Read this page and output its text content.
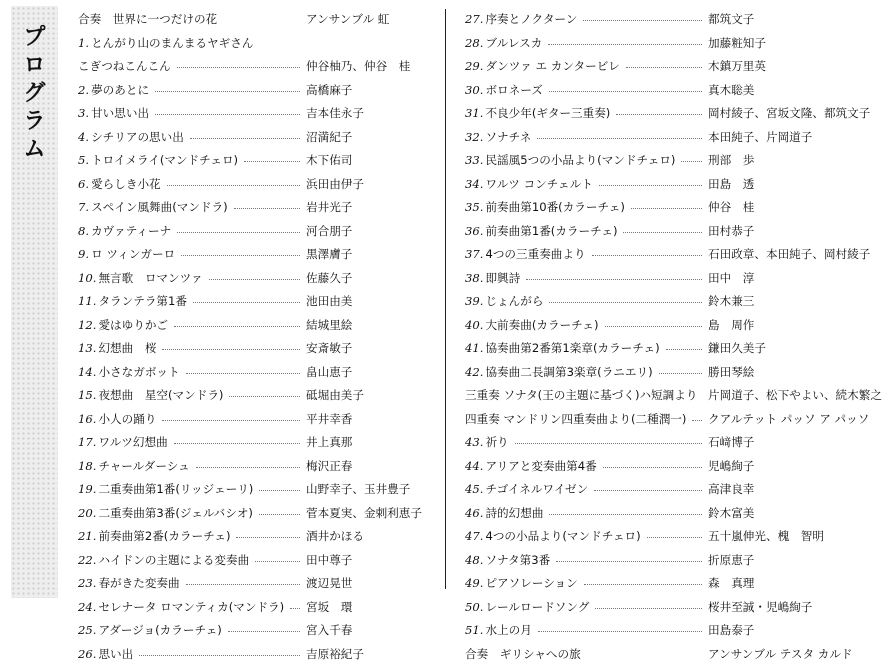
プログラム
合奏　世界に一つだけの花	アンサンブル 虹
1. とんがり山のまんまるヤギさん
こぎつねこんこん	仲谷柚乃、仲谷　桂
2. 夢のあとに	高橋麻子
3. 甘い思い出	吉本佳永子
4. シチリアの思い出	沼満紀子
5. トロイメライ(マンドチェロ)	木下佑司
6. 愛らしき小花	浜田由伊子
7. スペイン風舞曲(マンドラ)	岩井光子
8. カヴァティーナ	河合朋子
9. ロ ツィンガーロ	黒澤膚子
10. 無言歌　ロマンツァ	佐藤久子
11. タランテラ第1番	池田由美
12. 愛はゆりかご	結城里絵
13. 幻想曲　桜	安斎敏子
14. 小さなガボット	畠山恵子
15. 夜想曲　星空(マンドラ)	砥堀由美子
16. 小人の踊り	平井幸香
17. ワルツ幻想曲	井上真那
18. チャールダーシュ	梅沢正春
19. 二重奏曲第1番(リッジェーリ)	山野幸子、玉井豊子
20. 二重奏曲第3番(ジェルバシオ)	菅本夏実、金剌利恵子
21. 前奏曲第2番(カラーチェ)	酒井かほる
22. ハイドンの主題による変奏曲	田中尊子
23. 春がきた変奏曲	渡辺晃世
24. セレナータ ロマンティカ(マンドラ) 宮坂　環
25. アダージョ(カラーチェ)	宮入千春
26. 思い出	吉原裕紀子
27. 序奏とノクターン	都筑文子
28. ブルレスカ	加藤粧知子
29. ダンツァ エ カンタービレ	木鎮万里英
30. ボロネーズ	真木聡美
31. 不良少年(ギター三重奏)	岡村綾子、宮坂文隆、都筑文子
32. ソナチネ	本田純子、片岡道子
33. 民謡風5つの小品より(マンドチェロ)	刑部　歩
34. ワルツ コンチェルト	田島　透
35. 前奏曲第10番(カラーチェ)	仲谷　桂
36. 前奏曲第1番(カラーチェ)	田村恭子
37. 4つの三重奏曲より	石田政章、本田純子、岡村綾子
38. 即興詩	田中　淳
39. じょんがら	鈴木兼三
40. 大前奏曲(カラーチェ)	島　周作
41. 協奏曲第2番第1楽章(カラーチェ)	鎌田久美子
42. 協奏曲二長調第3楽章(ラニエリ)	勝田琴絵
三重奏 ソナタ(王の主題に基づく)ハ短調より 片岡道子、松下やよい、続木繁之
四重奏 マンドリン四重奏曲より(二種潤一) クアルテット パッソ ア パッソ
43. 祈り	石﨑博子
44. アリアと変奏曲第4番	児嶋絢子
45. チゴイネルワイゼン	高津良幸
46. 詩的幻想曲	鈴木富美
47. 4つの小品より(マンドチェロ)	五十嵐伸光、槐　智明
48. ソナタ第3番	折原恵子
49. ピアソレーション	森　真理
50. レールロードソング	桜井至誠・児嶋絢子
51. 水上の月	田島泰子
合奏　ギリシャへの旅	アンサンブル テスタ カルド
